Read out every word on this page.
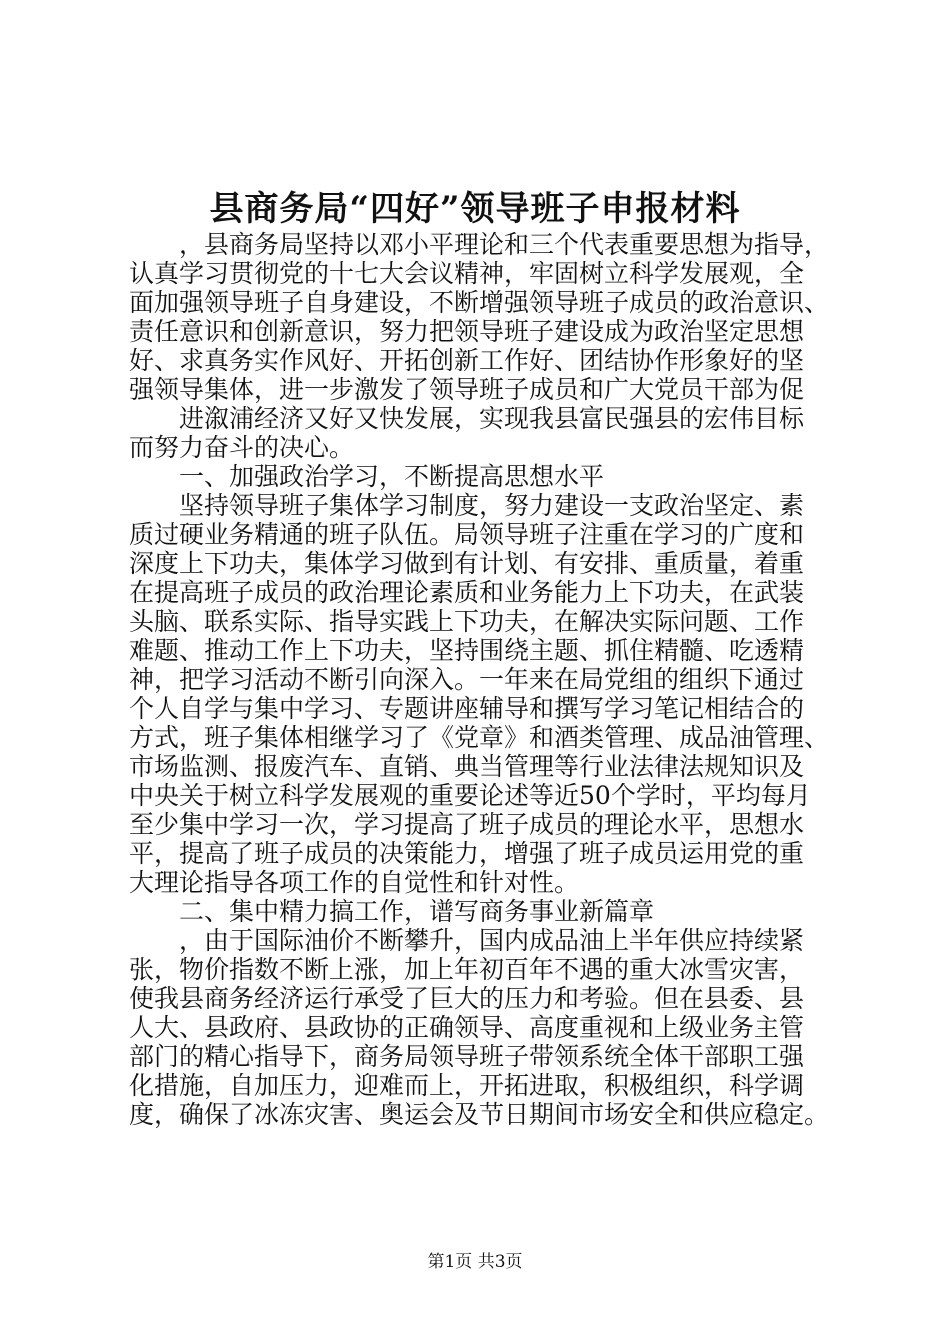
县商务局“四好”领导班子申报材料

　　，县商务局坚持以邓小平理论和三个代表重要思想为指导，

认真学习贯彻党的十七大会议精神，牢固树立科学发展观，全

面加强领导班子自身建设，不断增强领导班子成员的政治意识、

责任意识和创新意识，努力把领导班子建设成为政治坚定思想

好、求真务实作风好、开拓创新工作好、团结协作形象好的坚

强领导集体，进一步激发了领导班子成员和广大党员干部为促

　　进溆浦经济又好又快发展，实现我县富民强县的宏伟目标

而努力奋斗的决心。

　　一、加强政治学习，不断提高思想水平

　　坚持领导班子集体学习制度，努力建设一支政治坚定、素

质过硬业务精通的班子队伍。局领导班子注重在学习的广度和

深度上下功夫，集体学习做到有计划、有安排、重质量，着重

在提高班子成员的政治理论素质和业务能力上下功夫，在武装

头脑、联系实际、指导实践上下功夫，在解决实际问题、工作

难题、推动工作上下功夫，坚持围绕主题、抓住精髓、吃透精

神，把学习活动不断引向深入。一年来在局党组的组织下通过

个人自学与集中学习、专题讲座辅导和撰写学习笔记相结合的

方式，班子集体相继学习了《党章》和酒类管理、成品油管理、

市场监测、报废汽车、直销、典当管理等行业法律法规知识及

中央关于树立科学发展观的重要论述等近50个学时，平均每月

至少集中学习一次，学习提高了班子成员的理论水平，思想水

平，提高了班子成员的决策能力，增强了班子成员运用党的重

大理论指导各项工作的自觉性和针对性。

　　二、集中精力搞工作，谱写商务事业新篇章

　　，由于国际油价不断攀升，国内成品油上半年供应持续紧

张，物价指数不断上涨，加上年初百年不遇的重大冰雪灾害，

使我县商务经济运行承受了巨大的压力和考验。但在县委、县

人大、县政府、县政协的正确领导、高度重视和上级业务主管

部门的精心指导下，商务局领导班子带领系统全体干部职工强

化措施，自加压力，迎难而上，开拓进取，积极组织，科学调

度，确保了冰冻灾害、奥运会及节日期间市场安全和供应稳定。

第1页 共3页
